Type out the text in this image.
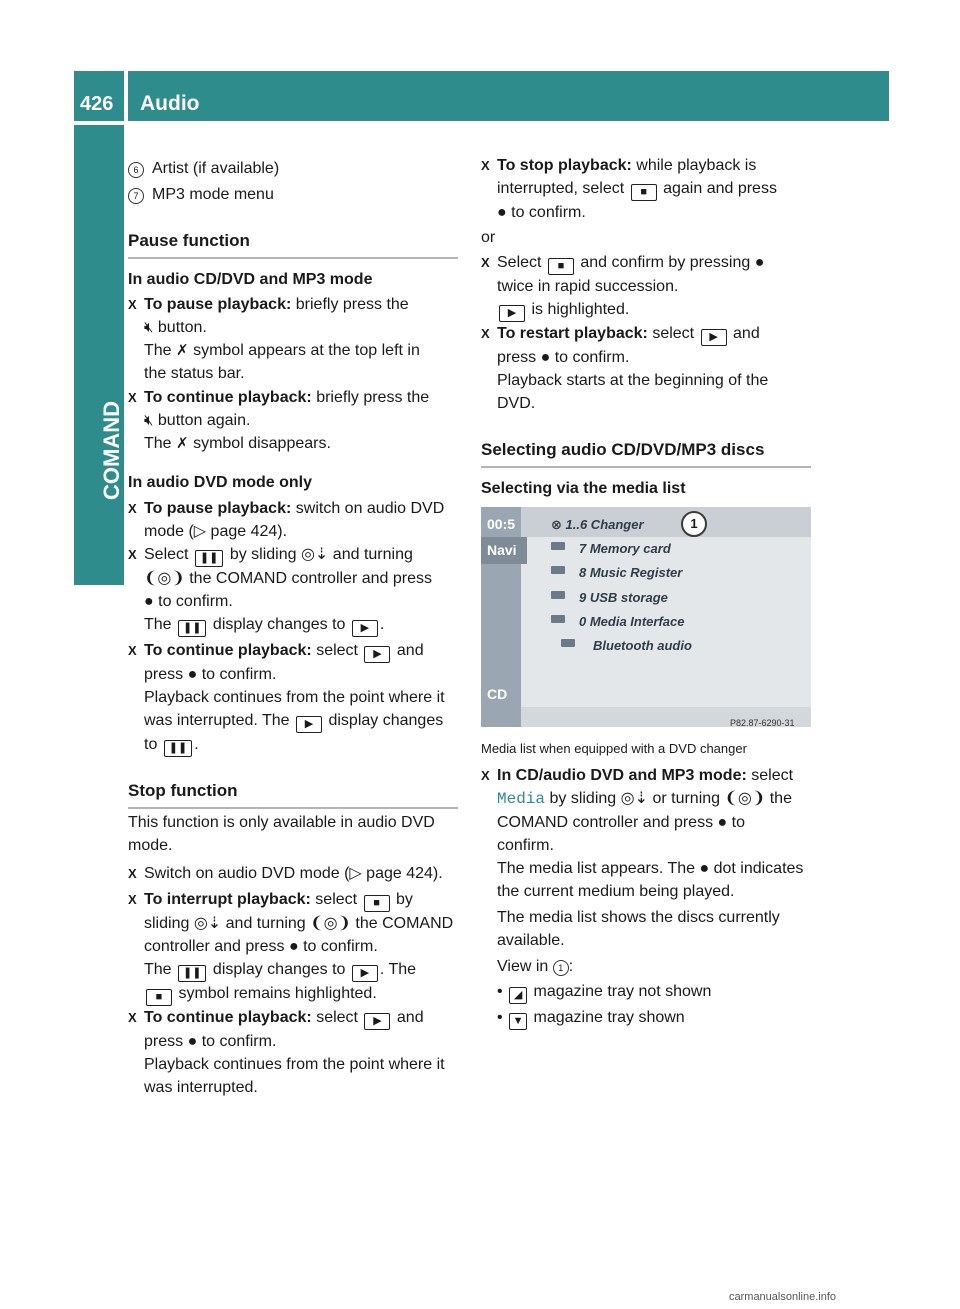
426 Audio
COMAND
6 Artist (if available)
7 MP3 mode menu
Pause function
In audio CD/DVD and MP3 mode
X To pause playback: briefly press the

🔇︎ button.

The ✗ symbol appears at the top left in

the status bar.

X To continue playback: briefly press the

🔇︎ button again.

The ✗ symbol disappears.

In audio DVD mode only
X To pause playback: switch on audio DVD

mode (▷ page 424).

X Select ❚❚ by sliding ◎⇣ and turning

❨◎❩ the COMAND controller and press

● to confirm.

The ❚❚ display changes to ▶ .

X To continue playback: select ▶ and

press ● to confirm.

Playback continues from the point where it

was interrupted. The ▶ display changes

to ❚❚ .

Stop function

This function is only available in audio DVD

mode.

X Switch on audio DVD mode (▷ page 424).

X To interrupt playback: select ■ by

sliding ◎⇣ and turning ❨◎❩ the COMAND

controller and press ● to confirm.

The ❚❚ display changes to ▶ . The

■ symbol remains highlighted.

X To continue playback: select ▶ and

press ● to confirm.

Playback continues from the point where it

was interrupted.

X To stop playback: while playback is

interrupted, select ■ again and press

● to confirm.

or
X Select ■ and confirm by pressing ●

twice in rapid succession.

▶ is highlighted.

X To restart playback: select ▶ and

press ● to confirm.

Playback starts at the beginning of the

DVD.

Selecting audio CD/DVD/MP3 discs
Selecting via the media list
00:5
Navi
CD
⊗ 1..6 Changer
7 Memory card
8 Music Register
9 USB storage
0 Media Interface
Bluetooth audio
1
P82.87-6290-31
Media list when equipped with a DVD changer
X In CD/audio DVD and MP3 mode: select

Media by sliding ◎⇣ or turning ❨◎❩ the

COMAND controller and press ● to

confirm.

The media list appears. The ● dot indicates

the current medium being played.

The media list shows the discs currently

available.

View in 1 :

• ◢ magazine tray not shown
• ▼ magazine tray shown
carmanualsonline.info
